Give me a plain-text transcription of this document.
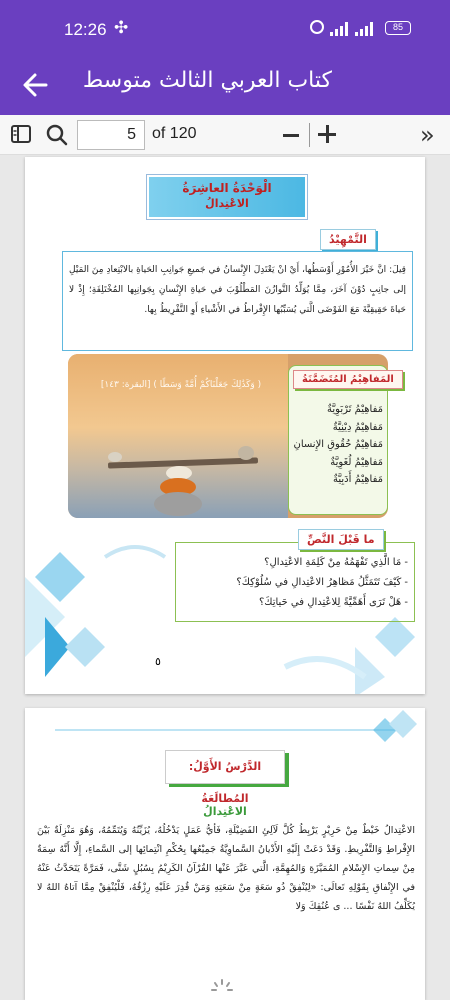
12:26 ✣	85
كتاب العربي الثالث متوسط
5	of 120	»
الْوَحْدَةُ العاشِرَةُ
الاعْتِدالُ
التَّمْهِيْدُ
قِيلَ: انَّ خَيْرَ الأُمُوْرِ أَوْسَطُها، أَيْ انْ يَعْتَدِلَ الإِنْسانُ في جَميعِ جَوانِبِ الحَياةِ بالابْتِعادِ مِنَ المَيْلِ إلى جانِبٍ دُوْنَ آخَرَ، مِمَّا يُوَلِّدُ التَّوازُنَ المَطْلُوْبَ في حَياةِ الإِنْسانِ بِجَوانِبِها المُخْتَلِفَةِ؛ إِذْ لا حَياةَ حَقِيقِيَّةَ مَعَ الفَوْضَى الَّتي يُسَبِّبُها الإِفْراطُ في الأَشْياءِ أَوِ التَّفْرِيطُ بِها.
( وَكَذَٰلِكَ جَعَلْنَاكُمْ أُمَّةً وَسَطًا ) [البقرة: ١٤٣]	المَفاهِيْمُ المُتَضَمَّنَةُ
مَفاهِيْمُ تَرْبَوِيَّةٌ
مَفاهِيْمُ دِيْنِيَّةٌ
مَفاهِيْمُ حُقُوقِ الإِنسانِ
مَفاهِيْمُ لُغَوِيَّةٌ
مَفاهِيْمُ أَدَبِيَّةٌ
- مَا الَّذِي تَفْهَمُهُ مِنْ كَلِمَةِ الاعْتِدالِ؟
- كَيْفَ تَتَمَثَّلُ مَظاهِرُ الاعْتِدالِ في سُلُوْكِكَ؟
- هَلْ تَرَى أَهَمِّيَّةً لِلاعْتِدالِ في حَياتِكَ؟
ما قَبْلَ النَّصِّ
٥
الدَّرْسُ الأَوَّلُ: المُطالَعَةُ
الاعْتِدالُ
الاعْتِدالُ خَيْطٌ مِنْ حَرِيْرٍ يَرْبِطُ كُلَّ لَآلِئِ الفَضِيْلَةِ، فَأيُّ عَمَلٍ يَدْخُلُهُ، يُزَيِّنُهُ وَيُتَمِّمُهُ، وَهُوَ مَنْزِلَةٌ بَيْنَ الإِفْراطِ وَالتَّفْرِيطِ. وَقَدْ دَعَتْ إِلَيْهِ الأَدْيانُ السَّماوِيَّةُ جَمِيْعُها بِحُكْمِ انْتِمائِها إلى السَّماءِ، إِلَّا أَنَّهُ سِمَةٌ مِنْ سِماتِ الإِسْلامِ المُمَيَّزَةِ وَالمُهِمَّةِ، الَّتي عَبَّرَ عَنْها القُرْآنُ الكَرِيْمُ بِسُبُلٍ شَتَّى، فَمَرَّةً يَتَحَدَّثُ عَنْهُ في الإِنْفاقِ بِقَوْلِهِ تَعالَى: «لِيُنْفِقْ ذُو سَعَةٍ مِنْ سَعَتِهِ وَمَنْ قُدِرَ عَلَيْهِ رِزْقُهُ، فَلْيُنْفِقْ مِمَّا آتاهُ اللهُ لا يُكَلِّفُ اللهُ نَفْسًا ... ى عُنُقِكَ وَلا
